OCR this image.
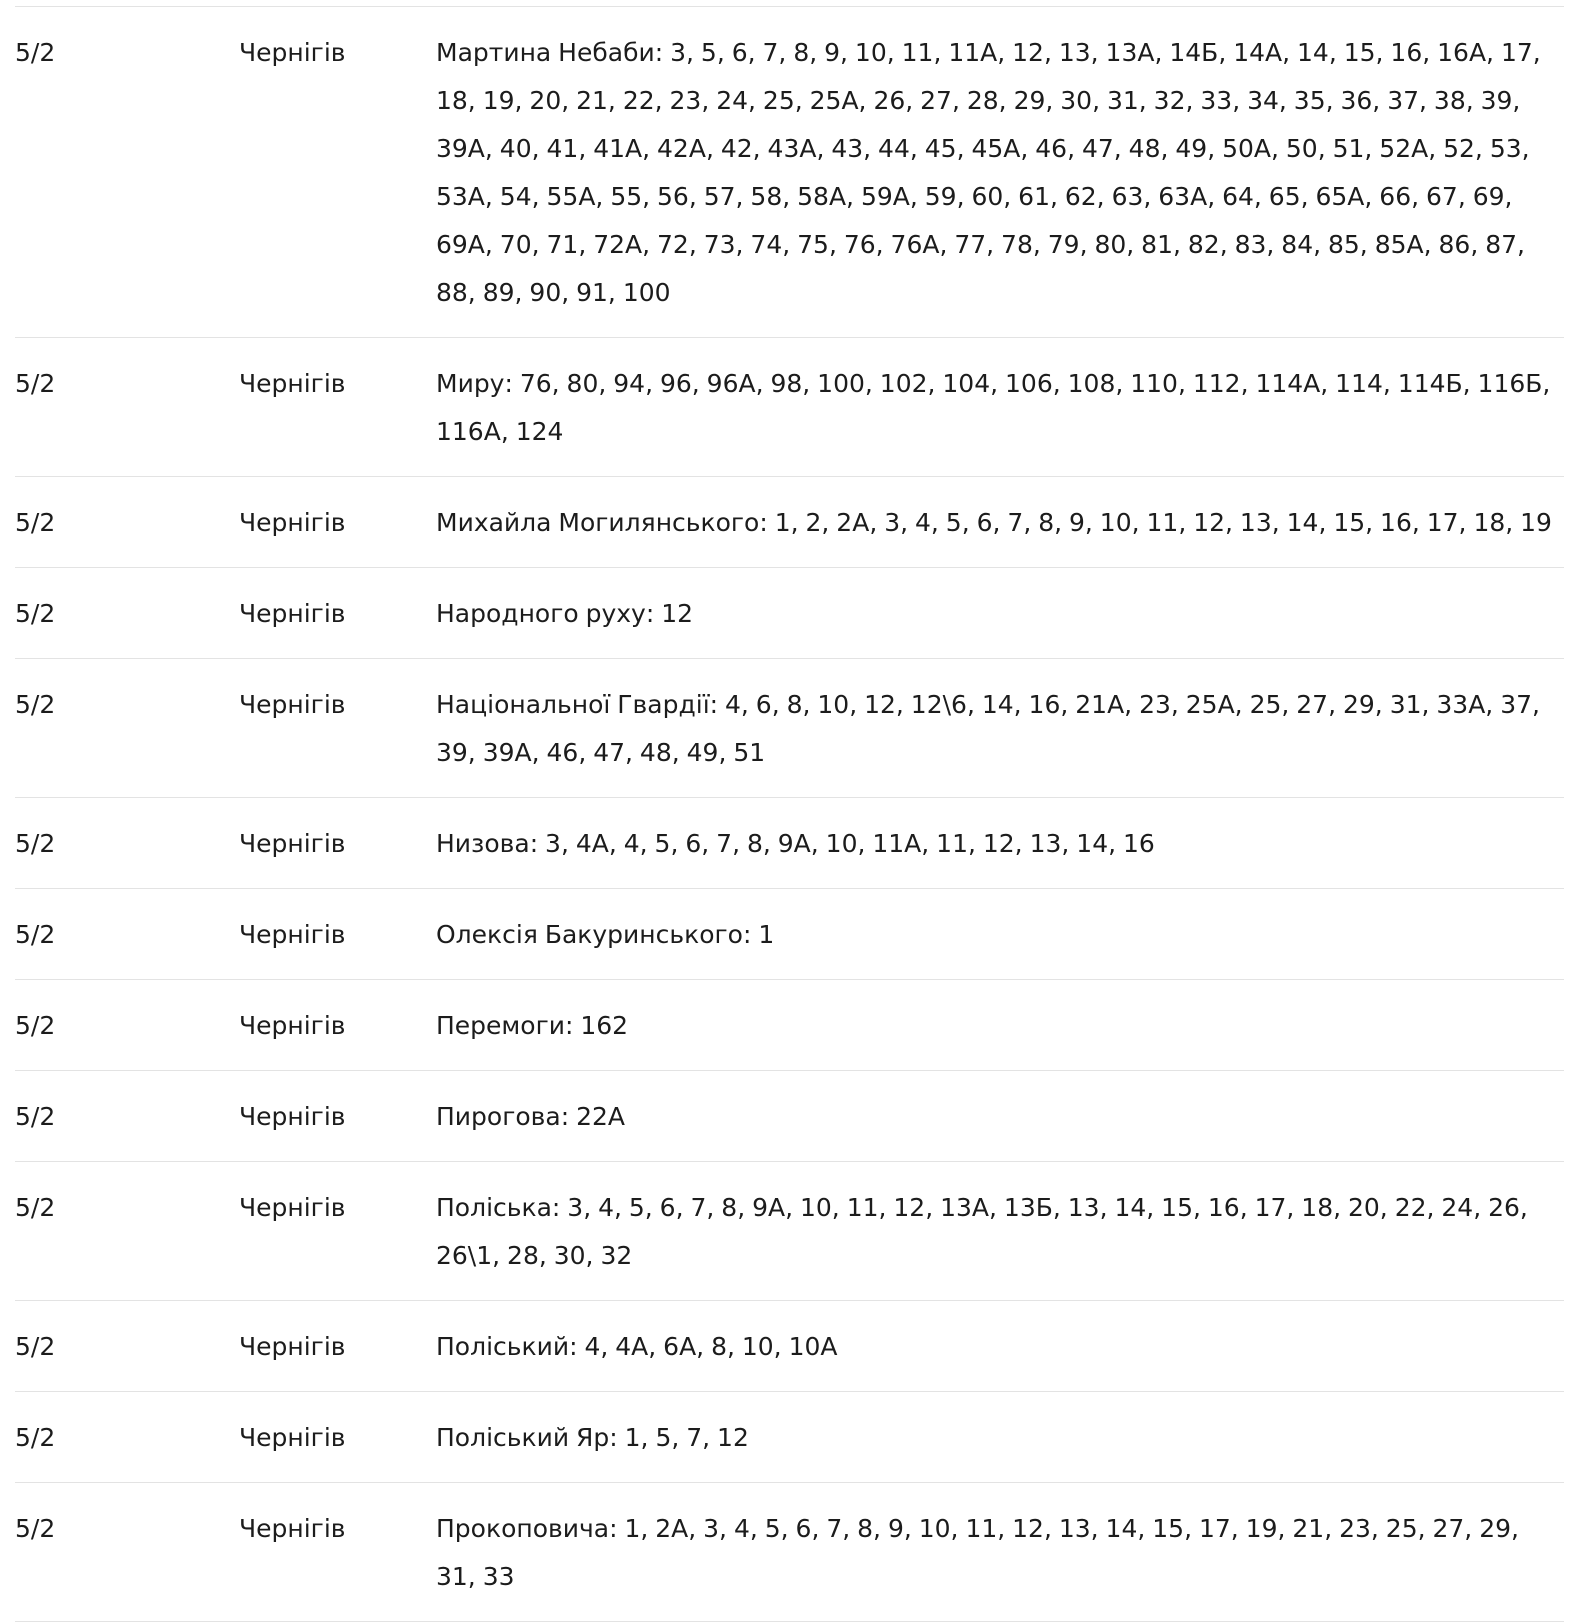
5/2	Чернігів	Мартина Небаби: 3, 5, 6, 7, 8, 9, 10, 11, 11А, 12, 13, 13А, 14Б, 14А, 14, 15, 16, 16А, 17, 18, 19, 20, 21, 22, 23, 24, 25, 25А, 26, 27, 28, 29, 30, 31, 32, 33, 34, 35, 36, 37, 38, 39, 39А, 40, 41, 41А, 42А, 42, 43А, 43, 44, 45, 45А, 46, 47, 48, 49, 50А, 50, 51, 52А, 52, 53, 53А, 54, 55А, 55, 56, 57, 58, 58А, 59А, 59, 60, 61, 62, 63, 63А, 64, 65, 65А, 66, 67, 69, 69А, 70, 71, 72А, 72, 73, 74, 75, 76, 76А, 77, 78, 79, 80, 81, 82, 83, 84, 85, 85А, 86, 87, 88, 89, 90, 91, 100
5/2	Чернігів	Миру: 76, 80, 94, 96, 96А, 98, 100, 102, 104, 106, 108, 110, 112, 114А, 114, 114Б, 116Б, 116А, 124
5/2	Чернігів	Михайла Могилянського: 1, 2, 2А, 3, 4, 5, 6, 7, 8, 9, 10, 11, 12, 13, 14, 15, 16, 17, 18, 19
5/2	Чернігів	Народного руху: 12
5/2	Чернігів	Національної Гвардії: 4, 6, 8, 10, 12, 12\6, 14, 16, 21А, 23, 25А, 25, 27, 29, 31, 33А, 37, 39, 39А, 46, 47, 48, 49, 51
5/2	Чернігів	Низова: 3, 4А, 4, 5, 6, 7, 8, 9А, 10, 11А, 11, 12, 13, 14, 16
5/2	Чернігів	Олексія Бакуринського: 1
5/2	Чернігів	Перемоги: 162
5/2	Чернігів	Пирогова: 22А
5/2	Чернігів	Поліська: 3, 4, 5, 6, 7, 8, 9А, 10, 11, 12, 13А, 13Б, 13, 14, 15, 16, 17, 18, 20, 22, 24, 26, 26\1, 28, 30, 32
5/2	Чернігів	Поліський: 4, 4А, 6А, 8, 10, 10А
5/2	Чернігів	Поліський Яр: 1, 5, 7, 12
5/2	Чернігів	Прокоповича: 1, 2А, 3, 4, 5, 6, 7, 8, 9, 10, 11, 12, 13, 14, 15, 17, 19, 21, 23, 25, 27, 29, 31, 33
